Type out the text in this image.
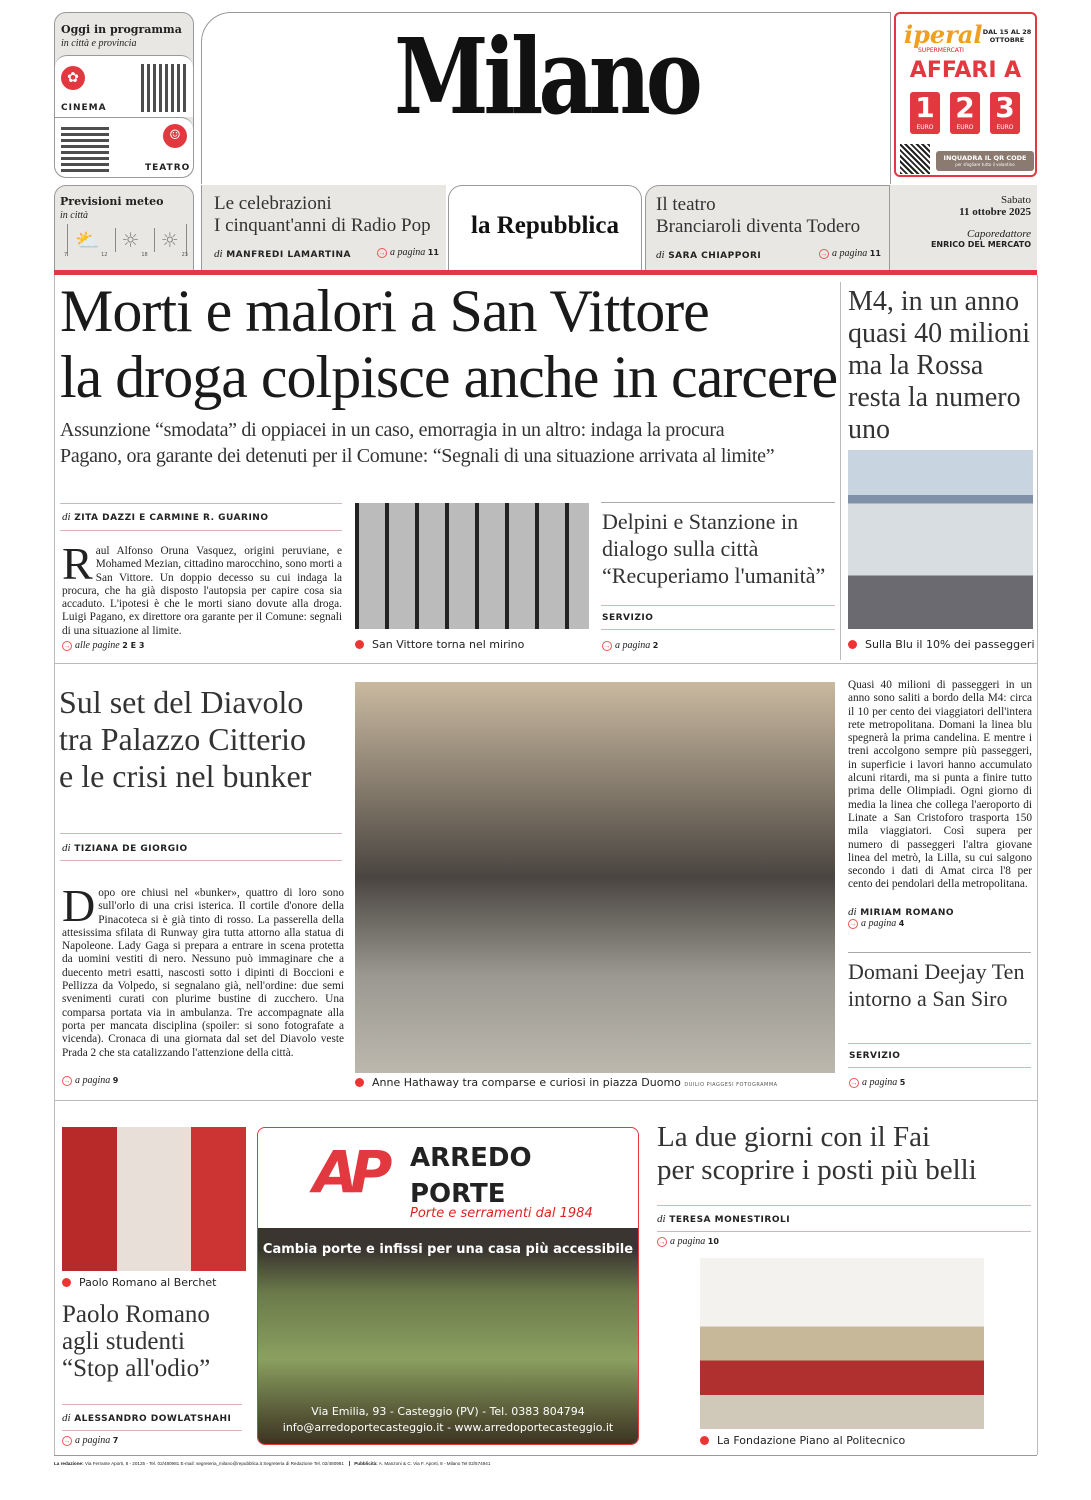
Oggi in programma
in città e provincia
✿
CINEMA
☺
TEATRO
Milano	iperal
SUPERMERCATI
DAL 15 AL 28 OTTOBRE
AFFARI A
1
EURO
2
EURO
3
EURO
INQUADRA IL QR CODE
per sfogliare tutto il volantino
Previsioni meteo
in città
⛅	☼	☼
7	12	18	23
Le celebrazioni
I cinquant'anni di Radio Pop
di MANFREDI LAMARTINA	→ a pagina 11
la Repubblica
Il teatro
Branciaroli diventa Todero
di SARA CHIAPPORI	→ a pagina 11
Sabato
11 ottobre 2025
Caporedattore
ENRICO DEL MERCATO
Morti e malori a San Vittore
la droga colpisce anche in carcere
Assunzione “smodata” di oppiacei in un caso, emorragia in un altro: indaga la procura
Pagano, ora garante dei detenuti per il Comune: “Segnali di una situazione arrivata al limite”
di ZITA DAZZI E CARMINE R. GUARINO
Raul Alfonso Oruna Vasquez, origini peruviane, e Mohamed Mezian, cittadino marocchino, sono morti a San Vittore. Un doppio decesso su cui indaga la procura, che ha già disposto l'autopsia per capire cosa sia accaduto. L'ipotesi è che le morti siano dovute alla droga. Luigi Pagano, ex direttore ora garante per il Comune: segnali di una situazione al limite.
→ alle pagine 2 E 3	San Vittore torna nel mirino
Delpini e Stanzione in dialogo sulla città “Recuperiamo l'umanità”
SERVIZIO
→ a pagina 2
M4, in un anno quasi 40 milioni ma la Rossa resta la numero uno
Sulla Blu il 10% dei passeggeri
Sul set del Diavolo
tra Palazzo Citterio
e le crisi nel bunker
di TIZIANA DE GIORGIO
Dopo ore chiusi nel «bunker», quattro di loro sono sull'orlo di una crisi isterica. Il cortile d'onore della Pinacoteca si è già tinto di rosso. La passerella della attesissima sfilata di Runway gira tutta attorno alla statua di Napoleone. Lady Gaga si prepara a entrare in scena protetta da uomini vestiti di nero. Nessuno può immaginare che a duecento metri esatti, nascosti sotto i dipinti di Boccioni e Pellizza da Volpedo, si segnalano già, nell'ordine: due semi svenimenti curati con plurime bustine di zucchero. Una comparsa portata via in ambulanza. Tre accompagnate alla porta per mancata disciplina (spoiler: si sono fotografate a vicenda). Cronaca di una giornata dal set del Diavolo veste Prada 2 che sta catalizzando l'attenzione della città.
→ a pagina 9	Anne Hathaway tra comparse e curiosi in piazza Duomo DUILIO PIAGGESI FOTOGRAMMA
Quasi 40 milioni di passeggeri in un anno sono saliti a bordo della M4: circa il 10 per cento dei viaggiatori dell'intera rete metropolitana. Domani la linea blu spegnerà la prima candelina. E mentre i treni accolgono sempre più passeggeri, in superficie i lavori hanno accumulato alcuni ritardi, ma si punta a finire tutto prima delle Olimpiadi. Ogni giorno di media la linea che collega l'aeroporto di Linate a San Cristoforo trasporta 150 mila viaggiatori. Così supera per numero di passeggeri l'altra giovane linea del metrò, la Lilla, su cui salgono secondo i dati di Amat circa l'8 per cento dei pendolari della metropolitana.
di MIRIAM ROMANO
→ a pagina 4
Domani Deejay Ten intorno a San Siro
SERVIZIO
→ a pagina 5
Paolo Romano al Berchet
Paolo Romano
agli studenti
“Stop all'odio”
di ALESSANDRO DOWLATSHAHI
→ a pagina 7
AP ARREDO
PORTE
Porte e serramenti dal 1984
Cambia porte e infissi per una casa più accessibile
Via Emilia, 93 - Casteggio (PV) - Tel. 0383 804794
info@arredoportecasteggio.it - www.arredoportecasteggio.it
La due giorni con il Fai
per scoprire i posti più belli
di TERESA MONESTIROLI
→ a pagina 10
La Fondazione Piano al Politecnico
La redazione: Via Ferrante Aporti, 8 - 20125 - Tel. 02/480981 E-mail: segreteria_milano@repubblica.it Segreteria di Redazione Tel. 02/480981 Pubblicità: A. Manzoni & C. Via F. Aporti, 8 - Milano Tel 02/574941
